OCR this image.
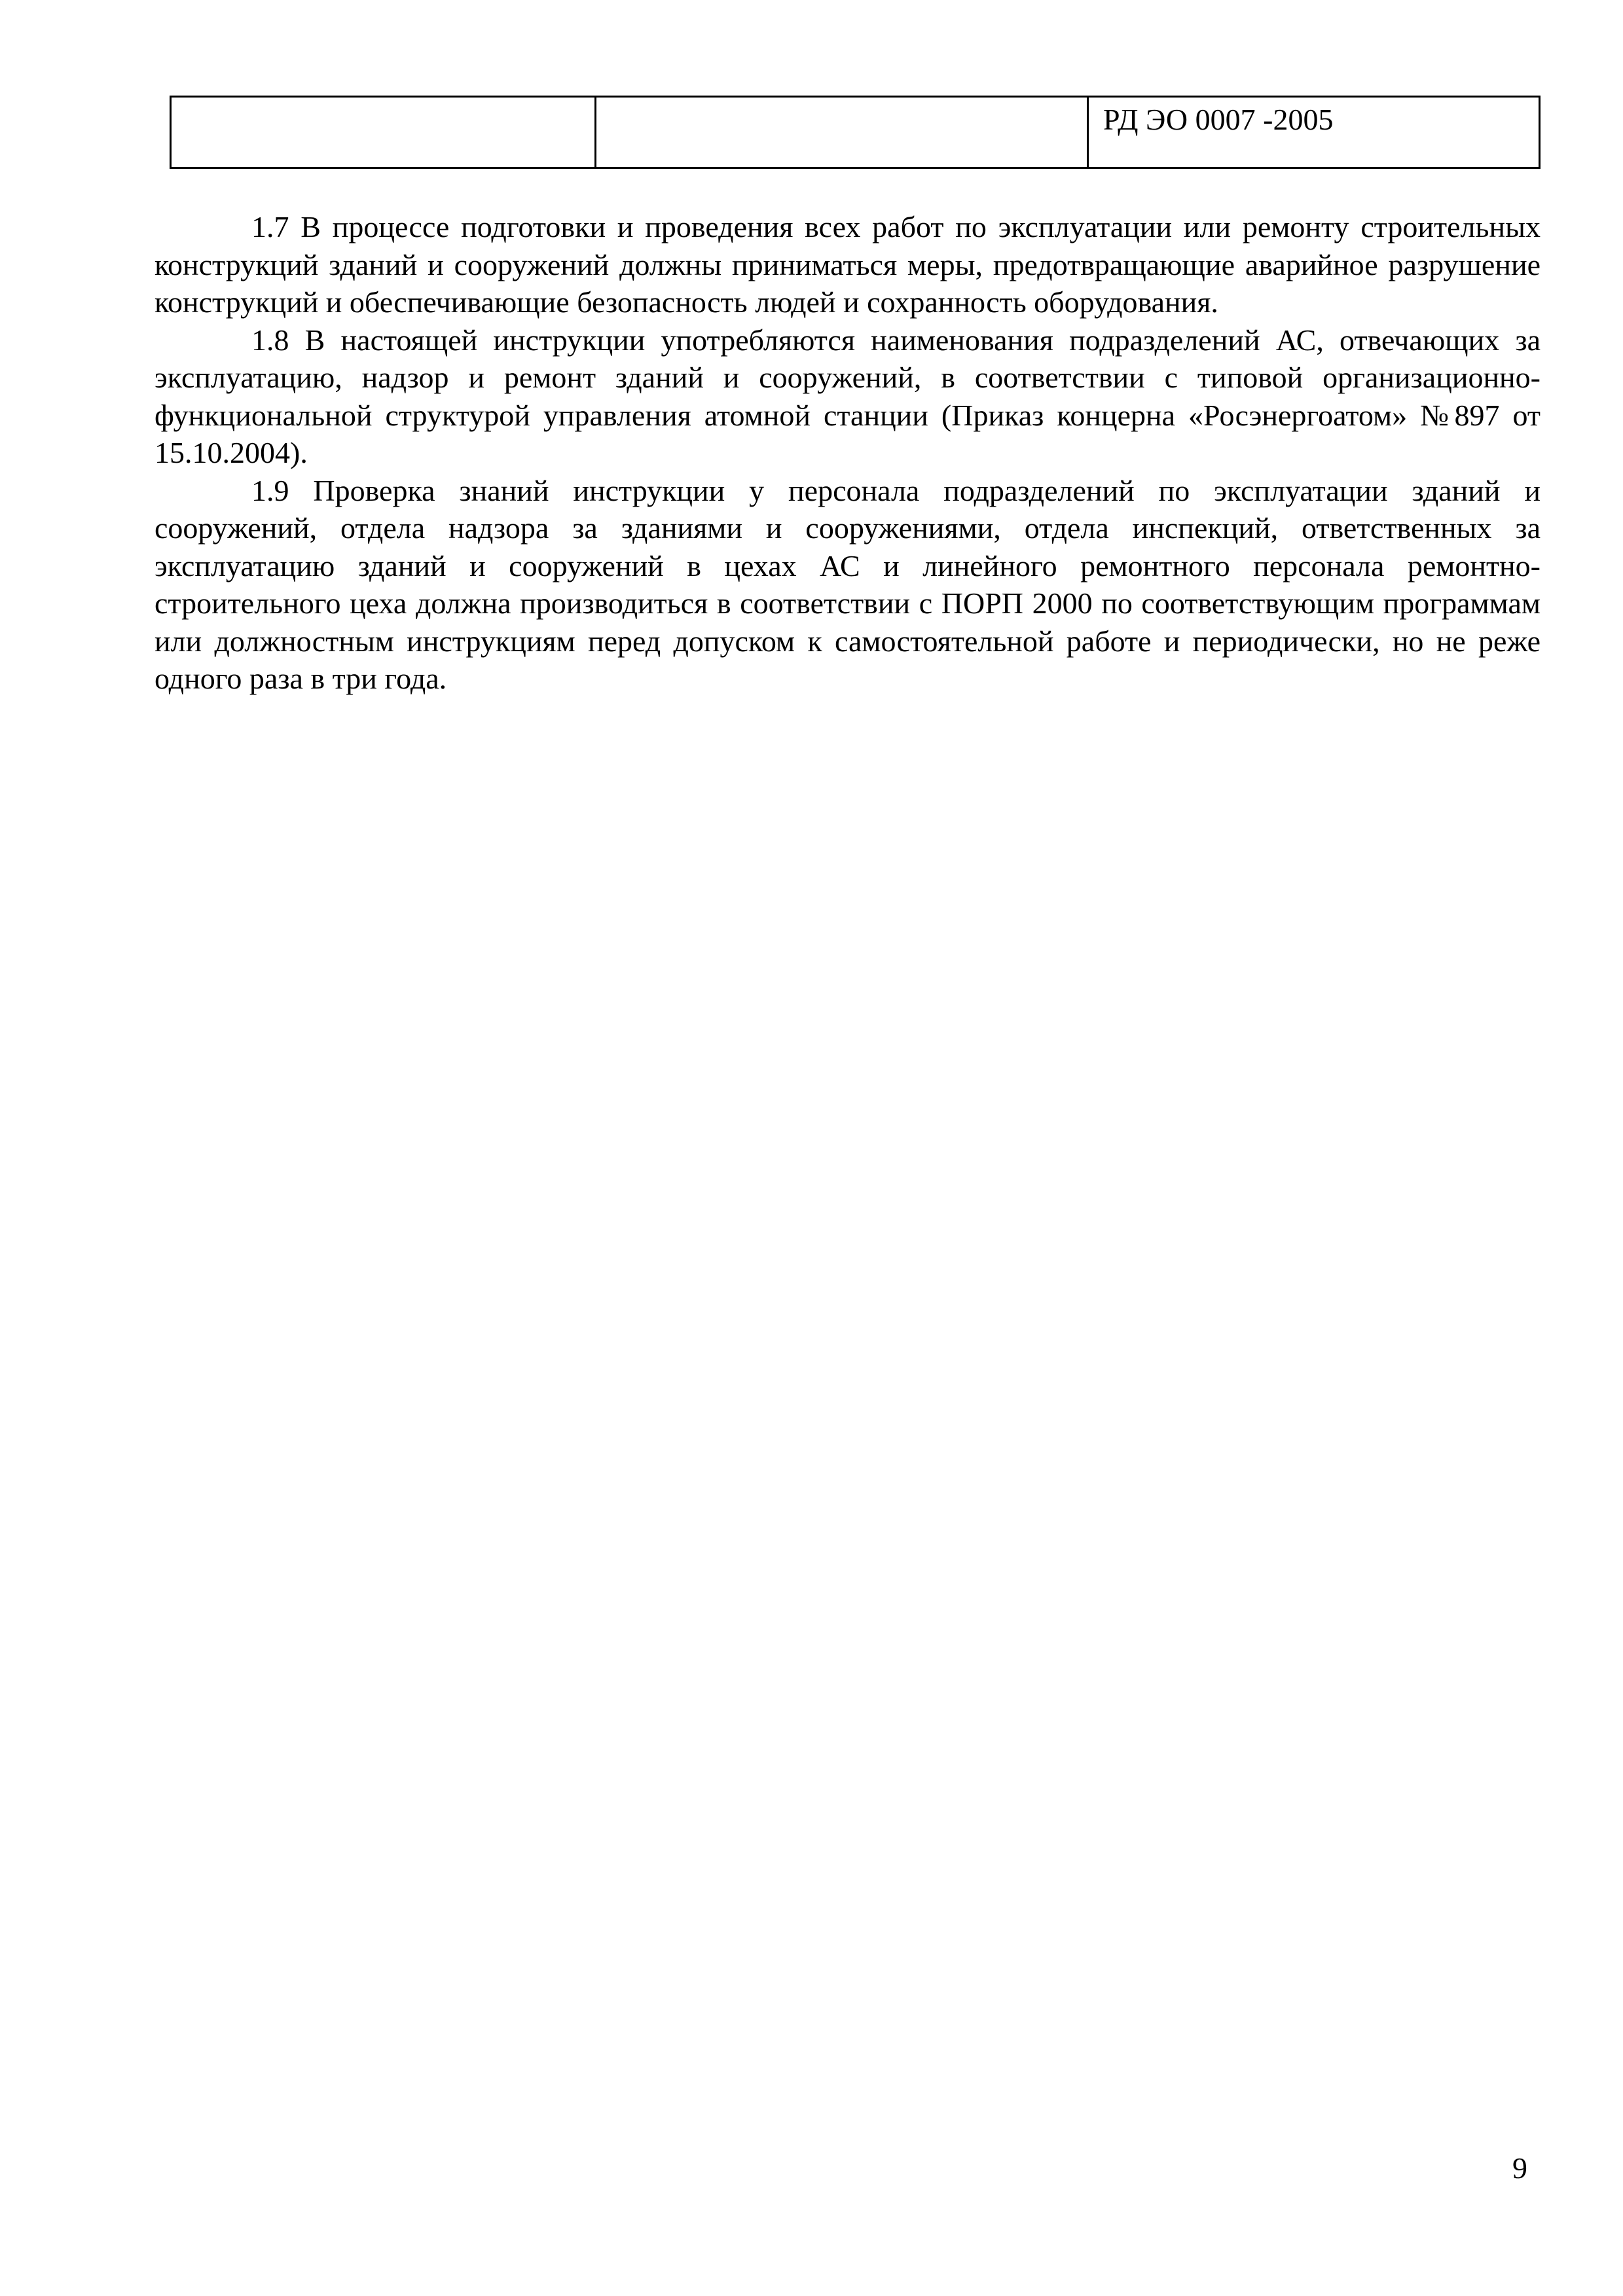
		РД ЭО 0007 -2005

1.7 В процессе подготовки и проведения всех работ по эксплуатации или ремонту строительных конструкций зданий и сооружений должны приниматься меры, предотвращающие аварийное разрушение конструкций и обеспечивающие безопасность людей и сохранность оборудования.

1.8 В настоящей инструкции употребляются наименования подразделений АС, отвечающих за эксплуатацию, надзор и ремонт зданий и сооружений, в соответствии с типовой организационно-функциональной структурой управления атомной станции (Приказ концерна «Росэнергоатом» №897 от 15.10.2004).

1.9 Проверка знаний инструкции у персонала подразделений по эксплуатации зданий и сооружений, отдела надзора за зданиями и сооружениями, отдела инспекций, ответственных за эксплуатацию зданий и сооружений в цехах АС и линейного ремонтного персонала ремонтно-строительного цеха должна производиться в соответствии с ПОРП 2000 по соответствующим программам или должностным инструкциям перед допуском к самостоятельной работе и периодически, но не реже одного раза в три года.

9
